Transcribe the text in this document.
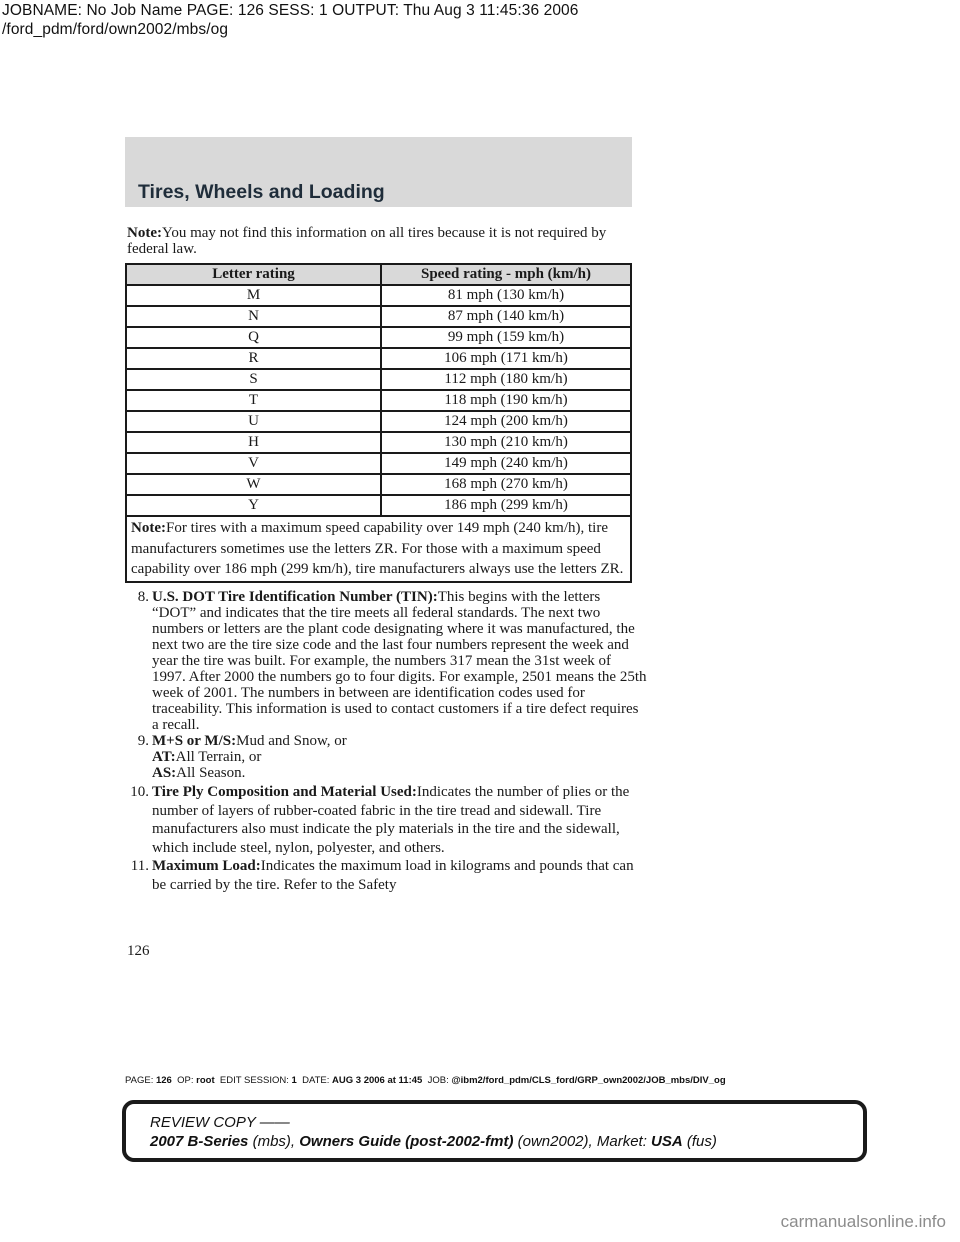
JOBNAME: No Job Name PAGE: 126 SESS: 1 OUTPUT: Thu Aug 3 11:45:36 2006
/ford_pdm/ford/own2002/mbs/og
Tires, Wheels and Loading
Note:You may not find this information on all tires because it is not required by federal law.
Letter rating	Speed rating - mph (km/h)
M	81 mph (130 km/h)
N	87 mph (140 km/h)
Q	99 mph (159 km/h)
R	106 mph (171 km/h)
S	112 mph (180 km/h)
T	118 mph (190 km/h)
U	124 mph (200 km/h)
H	130 mph (210 km/h)
V	149 mph (240 km/h)
W	168 mph (270 km/h)
Y	186 mph (299 km/h)
Note:For tires with a maximum speed capability over 149 mph (240 km/h), tire manufacturers sometimes use the letters ZR. For those with a maximum speed capability over 186 mph (299 km/h), tire manufacturers always use the letters ZR.	
8. U.S. DOT Tire Identification Number (TIN):This begins with the letters “DOT” and indicates that the tire meets all federal standards. The next two numbers or letters are the plant code designating where it was manufactured, the next two are the tire size code and the last four numbers represent the week and year the tire was built. For example, the numbers 317 mean the 31st week of 1997. After 2000 the numbers go to four digits. For example, 2501 means the 25th week of 2001. The numbers in between are identification codes used for traceability. This information is used to contact customers if a tire defect requires a recall.
9. M+S or M/S:Mud and Snow, or
AT:All Terrain, or
AS:All Season.
10. Tire Ply Composition and Material Used:Indicates the number of plies or the number of layers of rubber-coated fabric in the tire tread and sidewall. Tire manufacturers also must indicate the ply materials in the tire and the sidewall, which include steel, nylon, polyester, and others.
11. Maximum Load:Indicates the maximum load in kilograms and pounds that can be carried by the tire. Refer to the Safety
126
PAGE: 126 OP: root EDIT SESSION: 1 DATE: AUG 3 2006 at 11:45 JOB: @ibm2/ford_pdm/CLS_ford/GRP_own2002/JOB_mbs/DIV_og
REVIEW COPY ——
2007 B-Series (mbs), Owners Guide (post-2002-fmt) (own2002), Market: USA (fus)
carmanualsonline.info
